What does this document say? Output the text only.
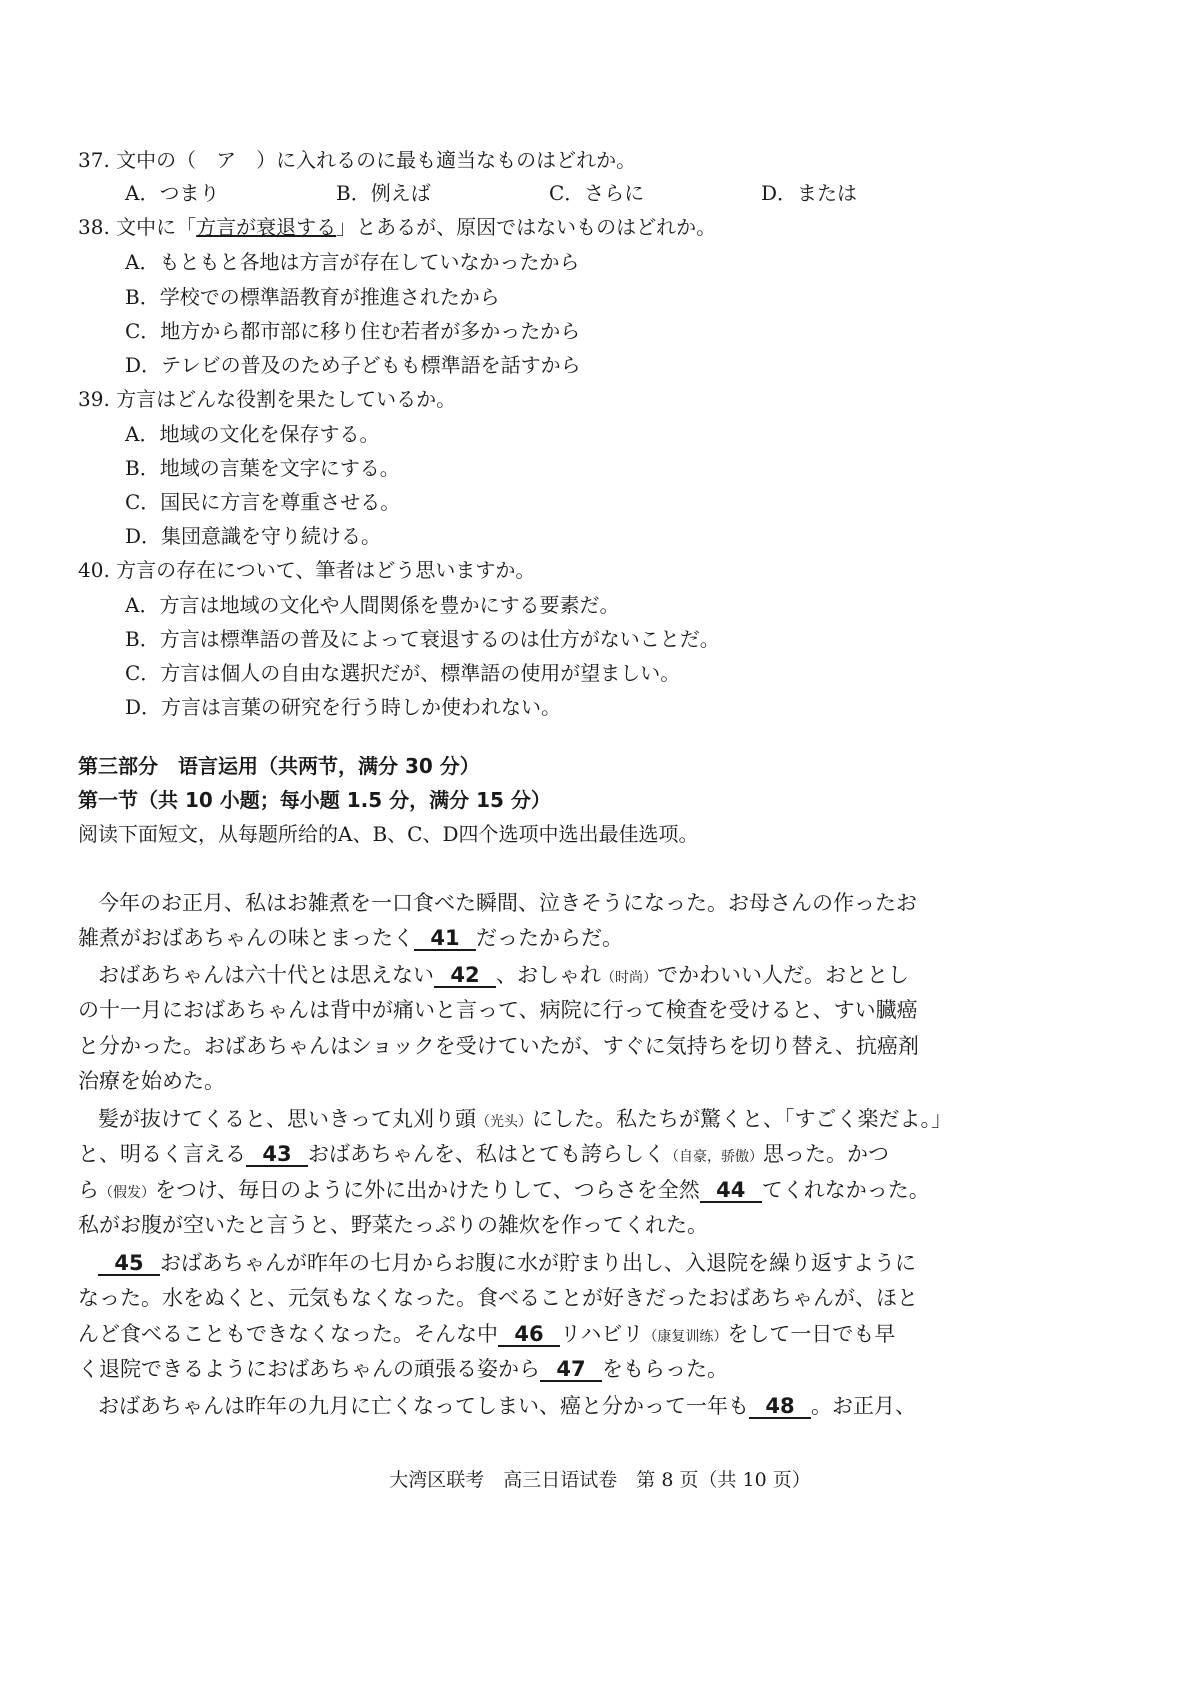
37. 文中の（　ア　）に入れるのに最も適当なものはどれか。
A．つまり	B．例えば	C．さらに	D．または
38. 文中に「方言が衰退する」とあるが、原因ではないものはどれか。
A．もともと各地は方言が存在していなかったから
B．学校での標準語教育が推進されたから
C．地方から都市部に移り住む若者が多かったから
D．テレビの普及のため子どもも標準語を話すから
39. 方言はどんな役割を果たしているか。
A．地域の文化を保存する。
B．地域の言葉を文字にする。
C．国民に方言を尊重させる。
D．集団意識を守り続ける。
40. 方言の存在について、筆者はどう思いますか。
A．方言は地域の文化や人間関係を豊かにする要素だ。
B．方言は標準語の普及によって衰退するのは仕方がないことだ。
C．方言は個人の自由な選択だが、標準語の使用が望ましい。
D．方言は言葉の研究を行う時しか使われない。
第三部分　语言运用（共两节，满分 30 分）
第一节（共 10 小题；每小题 1.5 分，满分 15 分）
阅读下面短文，从每题所给的A、B、C、D四个选项中选出最佳选项。
今年のお正月、私はお雑煮を一口食べた瞬間、泣きそうになった。お母さんの作ったお
雑煮がおばあちゃんの味とまったく 41 だったからだ。
おばあちゃんは六十代とは思えない 42 、おしゃれ（时尚）でかわいい人だ。おととし
の十一月におばあちゃんは背中が痛いと言って、病院に行って検査を受けると、すい臓癌
と分かった。おばあちゃんはショックを受けていたが、すぐに気持ちを切り替え、抗癌剤
治療を始めた。
髪が抜けてくると、思いきって丸刈り頭（光头）にした。私たちが驚くと、「すごく楽だよ。」
と、明るく言える 43 おばあちゃんを、私はとても誇らしく（自豪，骄傲）思った。かつ
ら（假发）をつけ、毎日のように外に出かけたりして、つらさを全然 44 てくれなかった。
私がお腹が空いたと言うと、野菜たっぷりの雑炊を作ってくれた。
45 おばあちゃんが昨年の七月からお腹に水が貯まり出し、入退院を繰り返すように
なった。水をぬくと、元気もなくなった。食べることが好きだったおばあちゃんが、ほと
んど食べることもできなくなった。そんな中 46 リハビリ（康复训练）をして一日でも早
く退院できるようにおばあちゃんの頑張る姿から 47 をもらった。
おばあちゃんは昨年の九月に亡くなってしまい、癌と分かって一年も 48 。お正月、
大湾区联考　高三日语试卷　第 8 页（共 10 页）
